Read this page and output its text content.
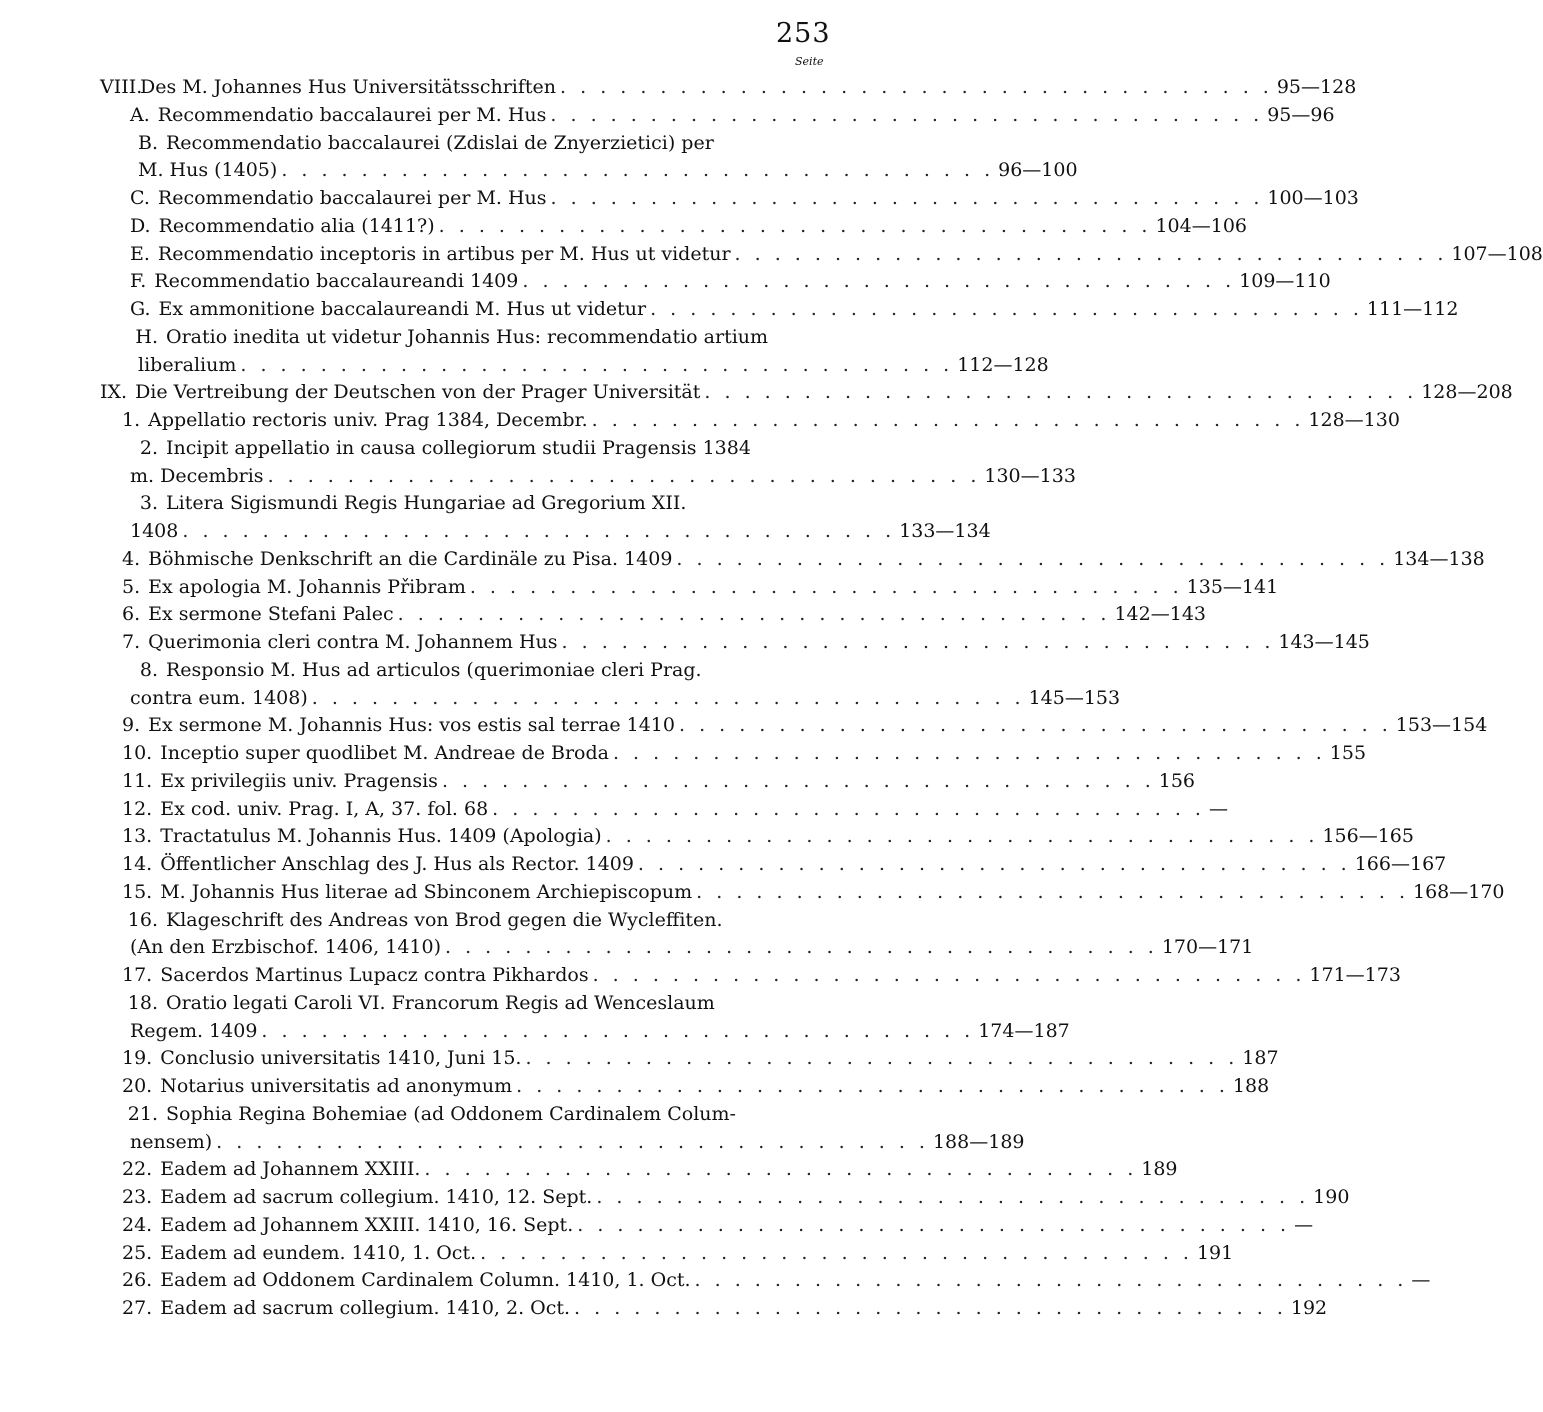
253
Seite
VIII.
Des M. Johannes Hus Universitätsschriften . . . . . . . . . . . . . . . . . . . . . . . . . . . . . . . . . . . . 95—128
A. Recommendatio baccalaurei per M. Hus . . . . . . . . . . . . . . . . . . . . . . . . . . . . . . . . . . . . 95—96
B. Recommendatio baccalaurei (Zdislai de Znyerzietici) per
M. Hus (1405) . . . . . . . . . . . . . . . . . . . . . . . . . . . . . . . . . . . . 96—100
C. Recommendatio baccalaurei per M. Hus . . . . . . . . . . . . . . . . . . . . . . . . . . . . . . . . . . . . 100—103
D. Recommendatio alia (1411?) . . . . . . . . . . . . . . . . . . . . . . . . . . . . . . . . . . . . 104—106
E. Recommendatio inceptoris in artibus per M. Hus ut videtur . . . . . . . . . . . . . . . . . . . . . . . . . . . . . . . . . . . . 107—108
F. Recommendatio baccalaureandi 1409 . . . . . . . . . . . . . . . . . . . . . . . . . . . . . . . . . . . . 109—110
G. Ex ammonitione baccalaureandi M. Hus ut videtur . . . . . . . . . . . . . . . . . . . . . . . . . . . . . . . . . . . . 111—112
H. Oratio inedita ut videtur Johannis Hus: recommendatio artium
liberalium . . . . . . . . . . . . . . . . . . . . . . . . . . . . . . . . . . . . 112—128
IX. Die Vertreibung der Deutschen von der Prager Universität . . . . . . . . . . . . . . . . . . . . . . . . . . . . . . . . . . . . 128—208
1. Appellatio rectoris univ. Prag 1384, Decembr. . . . . . . . . . . . . . . . . . . . . . . . . . . . . . . . . . . . . 128—130
2. Incipit appellatio in causa collegiorum studii Pragensis 1384
m. Decembris . . . . . . . . . . . . . . . . . . . . . . . . . . . . . . . . . . . . 130—133
3. Litera Sigismundi Regis Hungariae ad Gregorium XII.
1408 . . . . . . . . . . . . . . . . . . . . . . . . . . . . . . . . . . . . 133—134
4. Böhmische Denkschrift an die Cardinäle zu Pisa. 1409 . . . . . . . . . . . . . . . . . . . . . . . . . . . . . . . . . . . . 134—138
5. Ex apologia M. Johannis Přibram . . . . . . . . . . . . . . . . . . . . . . . . . . . . . . . . . . . . 135—141
6. Ex sermone Stefani Palec . . . . . . . . . . . . . . . . . . . . . . . . . . . . . . . . . . . . 142—143
7. Querimonia cleri contra M. Johannem Hus . . . . . . . . . . . . . . . . . . . . . . . . . . . . . . . . . . . . 143—145
8. Responsio M. Hus ad articulos (querimoniae cleri Prag.
contra eum. 1408) . . . . . . . . . . . . . . . . . . . . . . . . . . . . . . . . . . . . 145—153
9. Ex sermone M. Johannis Hus: vos estis sal terrae 1410 . . . . . . . . . . . . . . . . . . . . . . . . . . . . . . . . . . . . 153—154
10. Inceptio super quodlibet M. Andreae de Broda . . . . . . . . . . . . . . . . . . . . . . . . . . . . . . . . . . . . 155
11. Ex privilegiis univ. Pragensis . . . . . . . . . . . . . . . . . . . . . . . . . . . . . . . . . . . . 156
12. Ex cod. univ. Prag. I, A, 37. fol. 68 . . . . . . . . . . . . . . . . . . . . . . . . . . . . . . . . . . . . —
13. Tractatulus M. Johannis Hus. 1409 (Apologia) . . . . . . . . . . . . . . . . . . . . . . . . . . . . . . . . . . . . 156—165
14. Öffentlicher Anschlag des J. Hus als Rector. 1409 . . . . . . . . . . . . . . . . . . . . . . . . . . . . . . . . . . . . 166—167
15. M. Johannis Hus literae ad Sbinconem Archiepiscopum . . . . . . . . . . . . . . . . . . . . . . . . . . . . . . . . . . . . 168—170
16. Klageschrift des Andreas von Brod gegen die Wycleffiten.
(An den Erzbischof. 1406, 1410) . . . . . . . . . . . . . . . . . . . . . . . . . . . . . . . . . . . . 170—171
17. Sacerdos Martinus Lupacz contra Pikhardos . . . . . . . . . . . . . . . . . . . . . . . . . . . . . . . . . . . . 171—173
18. Oratio legati Caroli VI. Francorum Regis ad Wenceslaum
Regem. 1409 . . . . . . . . . . . . . . . . . . . . . . . . . . . . . . . . . . . . 174—187
19. Conclusio universitatis 1410, Juni 15. . . . . . . . . . . . . . . . . . . . . . . . . . . . . . . . . . . . . 187
20. Notarius universitatis ad anonymum . . . . . . . . . . . . . . . . . . . . . . . . . . . . . . . . . . . . 188
21. Sophia Regina Bohemiae (ad Oddonem Cardinalem Colum-
nensem) . . . . . . . . . . . . . . . . . . . . . . . . . . . . . . . . . . . . 188—189
22. Eadem ad Johannem XXIII. . . . . . . . . . . . . . . . . . . . . . . . . . . . . . . . . . . . . 189
23. Eadem ad sacrum collegium. 1410, 12. Sept. . . . . . . . . . . . . . . . . . . . . . . . . . . . . . . . . . . . . 190
24. Eadem ad Johannem XXIII. 1410, 16. Sept. . . . . . . . . . . . . . . . . . . . . . . . . . . . . . . . . . . . . —
25. Eadem ad eundem. 1410, 1. Oct. . . . . . . . . . . . . . . . . . . . . . . . . . . . . . . . . . . . . 191
26. Eadem ad Oddonem Cardinalem Column. 1410, 1. Oct. . . . . . . . . . . . . . . . . . . . . . . . . . . . . . . . . . . . . —
27. Eadem ad sacrum collegium. 1410, 2. Oct. . . . . . . . . . . . . . . . . . . . . . . . . . . . . . . . . . . . . 192
